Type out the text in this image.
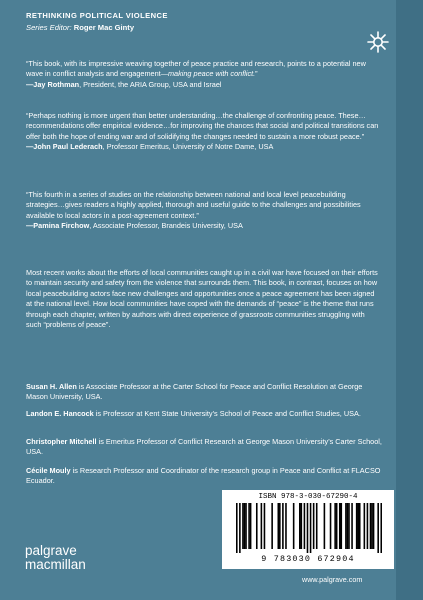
RETHINKING POLITICAL VIOLENCE
Series Editor: Roger Mac Ginty

“This book, with its impressive weaving together of peace practice and research, points to a potential new wave in conflict analysis and engagement—making peace with conflict.”

—Jay Rothman, President, the ARIA Group, USA and Israel

“Perhaps nothing is more urgent than better understanding…the challenge of confronting peace. These…recommendations offer empirical evidence…for improving the chances that social and political transitions can offer both the hope of ending war and of solidifying the changes needed to sustain a more robust peace.”

—John Paul Lederach, Professor Emeritus, University of Notre Dame, USA

“This fourth in a series of studies on the relationship between national and local level peacebuilding strategies…gives readers a highly applied, thorough and useful guide to the challenges and possibilities available to local actors in a post-agreement context.”

—Pamina Firchow, Associate Professor, Brandeis University, USA

Most recent works about the efforts of local communities caught up in a civil war have focused on their efforts to maintain security and safety from the violence that surrounds them. This book, in contrast, focuses on how local peacebuilding actors face new challenges and opportunities once a peace agreement has been signed at the national level. How local communities have coped with the demands of “peace” is the theme that runs through each chapter, written by authors with direct experience of grassroots communities struggling with such “problems of peace”.

Susan H. Allen is Associate Professor at the Carter School for Peace and Conflict Resolution at George Mason University, USA.

Landon E. Hancock is Professor at Kent State University’s School of Peace and Conflict Studies, USA.

Christopher Mitchell is Emeritus Professor of Conflict Research at George Mason University’s Carter School, USA.

Cécile Mouly is Research Professor and Coordinator of the research group in Peace and Conflict at FLACSO Ecuador.

ISBN 978-3-030-67290-4
9 783030 672904
palgrave
macmillan
www.palgrave.com
